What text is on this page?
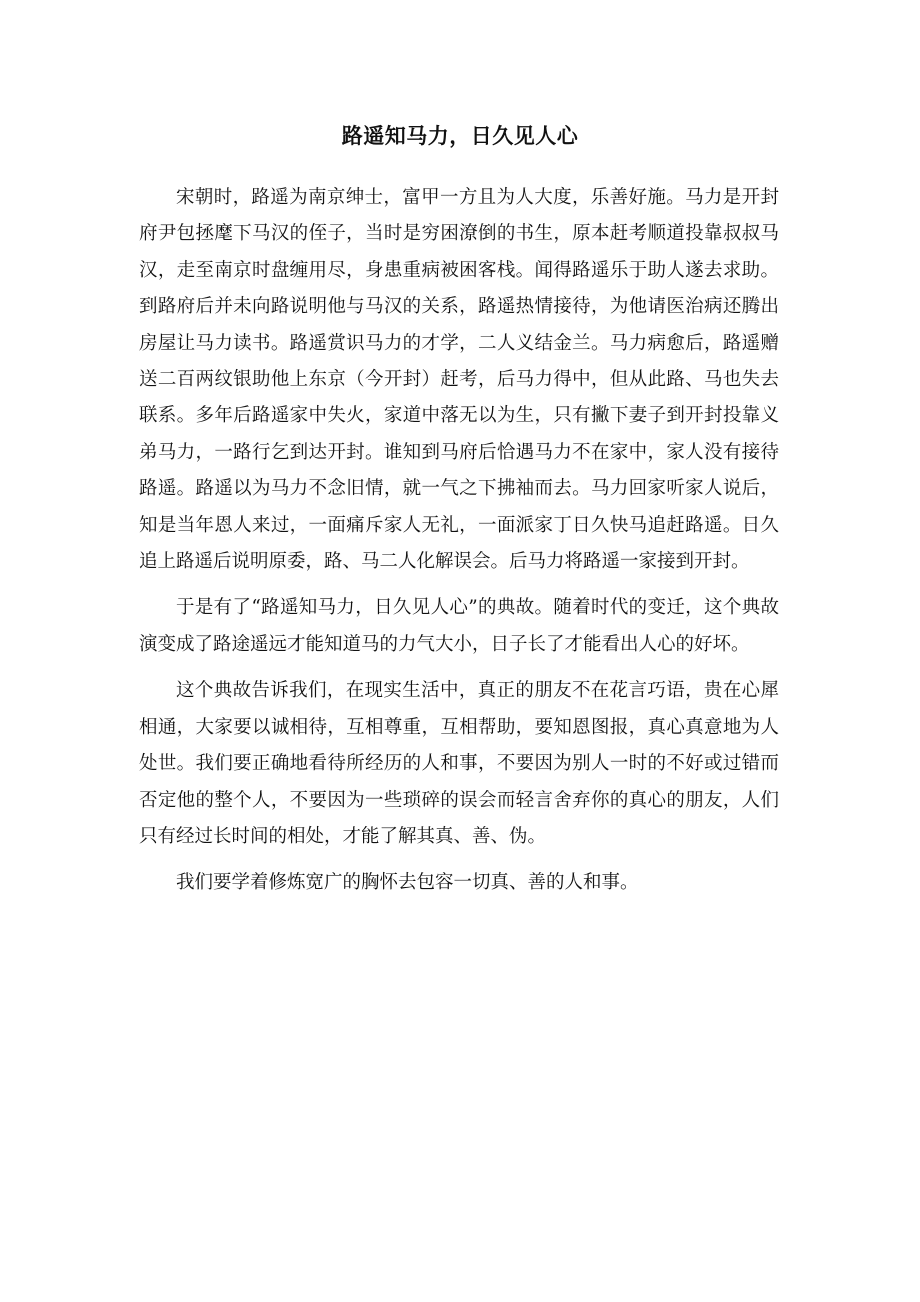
路遥知马力，日久见人心

宋朝时，路遥为南京绅士，富甲一方且为人大度，乐善好施。马力是开封府尹包拯麾下马汉的侄子，当时是穷困潦倒的书生，原本赶考顺道投靠叔叔马汉，走至南京时盘缠用尽，身患重病被困客栈。闻得路遥乐于助人遂去求助。到路府后并未向路说明他与马汉的关系，路遥热情接待，为他请医治病还腾出房屋让马力读书。路遥赏识马力的才学，二人义结金兰。马力病愈后，路遥赠送二百两纹银助他上东京（今开封）赶考，后马力得中，但从此路、马也失去联系。多年后路遥家中失火，家道中落无以为生，只有撇下妻子到开封投靠义弟马力，一路行乞到达开封。谁知到马府后恰遇马力不在家中，家人没有接待路遥。路遥以为马力不念旧情，就一气之下拂袖而去。马力回家听家人说后，知是当年恩人来过，一面痛斥家人无礼，一面派家丁日久快马追赶路遥。日久追上路遥后说明原委，路、马二人化解误会。后马力将路遥一家接到开封。

于是有了“路遥知马力，日久见人心”的典故。随着时代的变迁，这个典故演变成了路途遥远才能知道马的力气大小，日子长了才能看出人心的好坏。

这个典故告诉我们，在现实生活中，真正的朋友不在花言巧语，贵在心犀相通，大家要以诚相待，互相尊重，互相帮助，要知恩图报，真心真意地为人处世。我们要正确地看待所经历的人和事，不要因为别人一时的不好或过错而否定他的整个人，不要因为一些琐碎的误会而轻言舍弃你的真心的朋友，人们只有经过长时间的相处，才能了解其真、善、伪。

我们要学着修炼宽广的胸怀去包容一切真、善的人和事。
